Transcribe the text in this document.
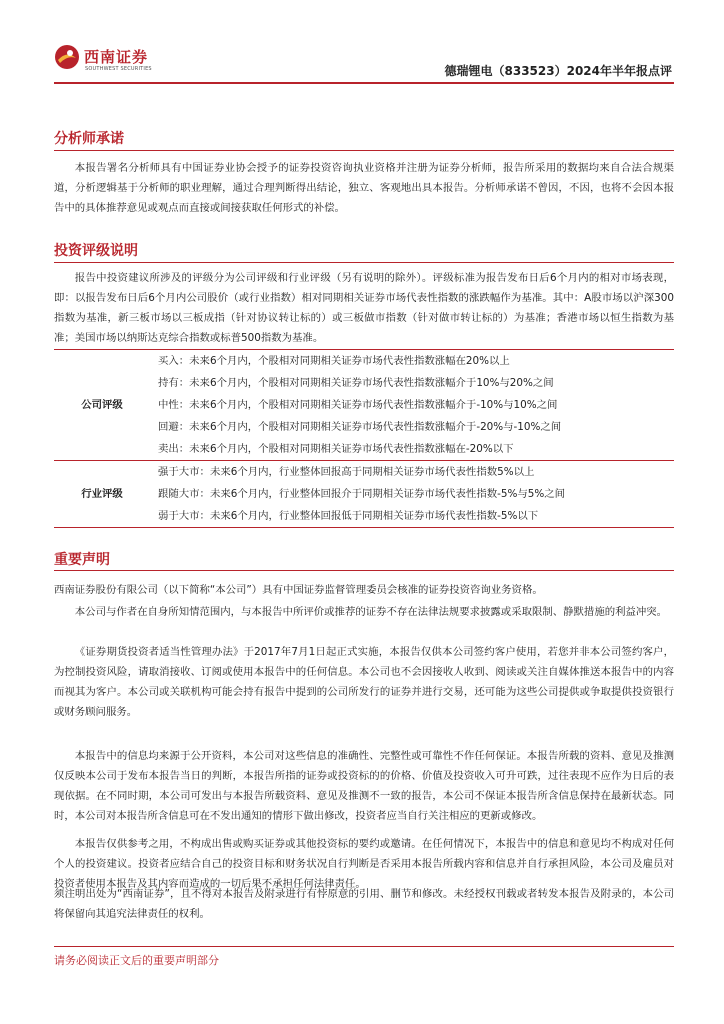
西南证券
SOUTHWEST SECURITIES	德瑞锂电（833523）2024年半年报点评
分析师承诺

本报告署名分析师具有中国证券业协会授予的证券投资咨询执业资格并注册为证券分析师，报告所采用的数据均来自合法合规渠道，分析逻辑基于分析师的职业理解，通过合理判断得出结论，独立、客观地出具本报告。分析师承诺不曾因，不因，也将不会因本报告中的具体推荐意见或观点而直接或间接获取任何形式的补偿。

投资评级说明

报告中投资建议所涉及的评级分为公司评级和行业评级（另有说明的除外）。评级标准为报告发布日后6个月内的相对市场表现，即：以报告发布日后6个月内公司股价（或行业指数）相对同期相关证券市场代表性指数的涨跌幅作为基准。其中：A股市场以沪深300指数为基准，新三板市场以三板成指（针对协议转让标的）或三板做市指数（针对做市转让标的）为基准；香港市场以恒生指数为基准；美国市场以纳斯达克综合指数或标普500指数为基准。

公司评级
买入：未来6个月内，个股相对同期相关证券市场代表性指数涨幅在20%以上
持有：未来6个月内，个股相对同期相关证券市场代表性指数涨幅介于10%与20%之间
中性：未来6个月内，个股相对同期相关证券市场代表性指数涨幅介于-10%与10%之间
回避：未来6个月内，个股相对同期相关证券市场代表性指数涨幅介于-20%与-10%之间
卖出：未来6个月内，个股相对同期相关证券市场代表性指数涨幅在-20%以下
行业评级
强于大市：未来6个月内，行业整体回报高于同期相关证券市场代表性指数5%以上
跟随大市：未来6个月内，行业整体回报介于同期相关证券市场代表性指数-5%与5%之间
弱于大市：未来6个月内，行业整体回报低于同期相关证券市场代表性指数-5%以下
重要声明

西南证券股份有限公司（以下简称“本公司”）具有中国证券监督管理委员会核准的证券投资咨询业务资格。

本公司与作者在自身所知情范围内，与本报告中所评价或推荐的证券不存在法律法规要求披露或采取限制、静默措施的利益冲突。

《证券期货投资者适当性管理办法》于2017年7月1日起正式实施，本报告仅供本公司签约客户使用，若您并非本公司签约客户，为控制投资风险，请取消接收、订阅或使用本报告中的任何信息。本公司也不会因接收人收到、阅读或关注自媒体推送本报告中的内容而视其为客户。本公司或关联机构可能会持有报告中提到的公司所发行的证券并进行交易，还可能为这些公司提供或争取提供投资银行或财务顾问服务。

本报告中的信息均来源于公开资料，本公司对这些信息的准确性、完整性或可靠性不作任何保证。本报告所载的资料、意见及推测仅反映本公司于发布本报告当日的判断，本报告所指的证券或投资标的的价格、价值及投资收入可升可跌，过往表现不应作为日后的表现依据。在不同时期，本公司可发出与本报告所载资料、意见及推测不一致的报告，本公司不保证本报告所含信息保持在最新状态。同时，本公司对本报告所含信息可在不发出通知的情形下做出修改，投资者应当自行关注相应的更新或修改。

本报告仅供参考之用，不构成出售或购买证券或其他投资标的要约或邀请。在任何情况下，本报告中的信息和意见均不构成对任何个人的投资建议。投资者应结合自己的投资目标和财务状况自行判断是否采用本报告所载内容和信息并自行承担风险，本公司及雇员对投资者使用本报告及其内容而造成的一切后果不承担任何法律责任。

须注明出处为“西南证券”，且不得对本报告及附录进行有悖原意的引用、删节和修改。未经授权刊载或者转发本报告及附录的，本公司将保留向其追究法律责任的权利。

请务必阅读正文后的重要声明部分
